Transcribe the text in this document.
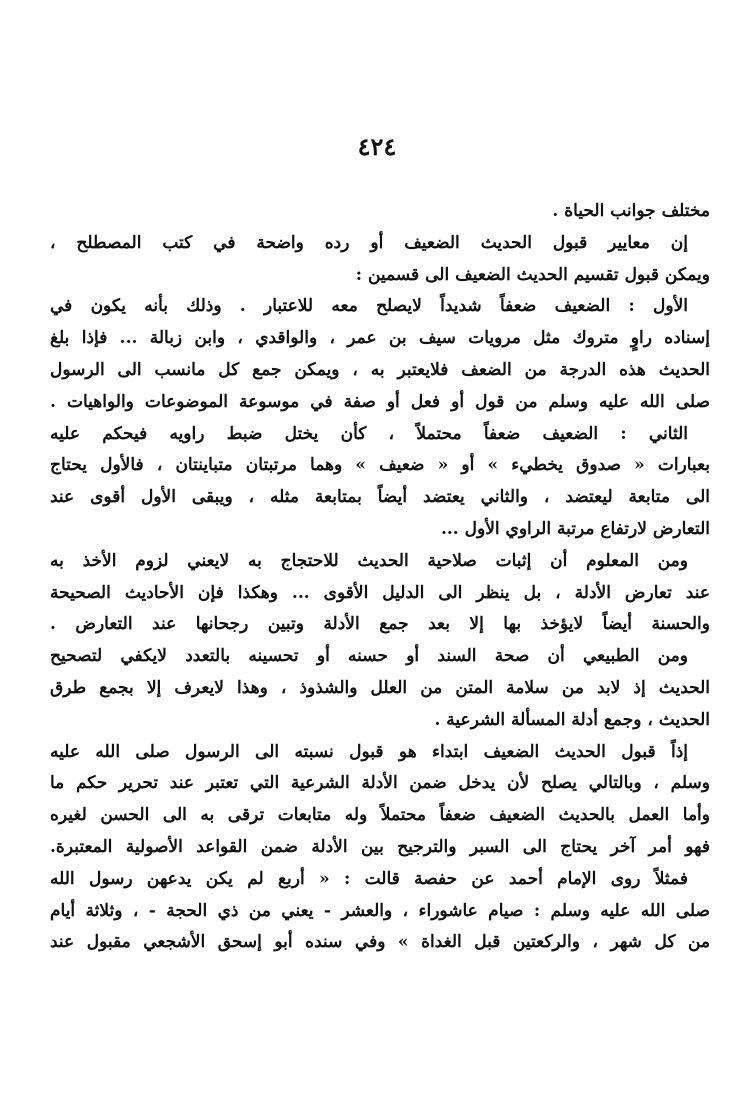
٤٢٤
مختلف جوانب الحياة .
إن معايير قبول الحديث الضعيف أو رده واضحة في كتب المصطلح ،
ويمكن قبول تقسيم الحديث الضعيف الى قسمين :
الأول : الضعيف ضعفاً شديداً لايصلح معه للاعتبار . وذلك بأنه يكون في
إسناده راوٍ متروك مثل مرويات سيف بن عمر ، والواقدي ، وابن زبالة ... فإذا بلغ
الحديث هذه الدرجة من الضعف فلايعتبر به ، ويمكن جمع كل مانسب الى الرسول
صلى الله عليه وسلم من قول أو فعل أو صفة في موسوعة الموضوعات والواهيات .
الثاني : الضعيف ضعفاً محتملاً ، كأن يختل ضبط راويه فيحكم عليه
بعبارات « صدوق يخطيء » أو « ضعيف » وهما مرتبتان متباينتان ، فالأول يحتاج
الى متابعة ليعتضد ، والثاني يعتضد أيضاً بمتابعة مثله ، ويبقى الأول أقوى عند
التعارض لارتفاع مرتبة الراوي الأول ...
ومن المعلوم أن إثبات صلاحية الحديث للاحتجاج به لايعني لزوم الأخذ به
عند تعارض الأدلة ، بل ينظر الى الدليل الأقوى ... وهكذا فإن الأحاديث الصحيحة
والحسنة أيضاً لايؤخذ بها إلا بعد جمع الأدلة وتبين رجحانها عند التعارض .
ومن الطبيعي أن صحة السند أو حسنه أو تحسينه بالتعدد لايكفي لتصحيح
الحديث إذ لابد من سلامة المتن من العلل والشذوذ ، وهذا لايعرف إلا بجمع طرق
الحديث ، وجمع أدلة المسألة الشرعية .
إذاً قبول الحديث الضعيف ابتداء هو قبول نسبته الى الرسول صلى الله عليه
وسلم ، وبالتالي يصلح لأن يدخل ضمن الأدلة الشرعية التي تعتبر عند تحرير حكم ما
وأما العمل بالحديث الضعيف ضعفاً محتملاً وله متابعات ترقى به الى الحسن لغيره
فهو أمر آخر يحتاج الى السبر والترجيح بين الأدلة ضمن القواعد الأصولية المعتبرة.
فمثلاً روى الإمام أحمد عن حفصة قالت : « أربع لم يكن يدعهن رسول الله
صلى الله عليه وسلم : صيام عاشوراء ، والعشر - يعني من ذي الحجة - ، وثلاثة أيام
من كل شهر ، والركعتين قبل الغداة » وفي سنده أبو إسحق الأشجعي مقبول عند
